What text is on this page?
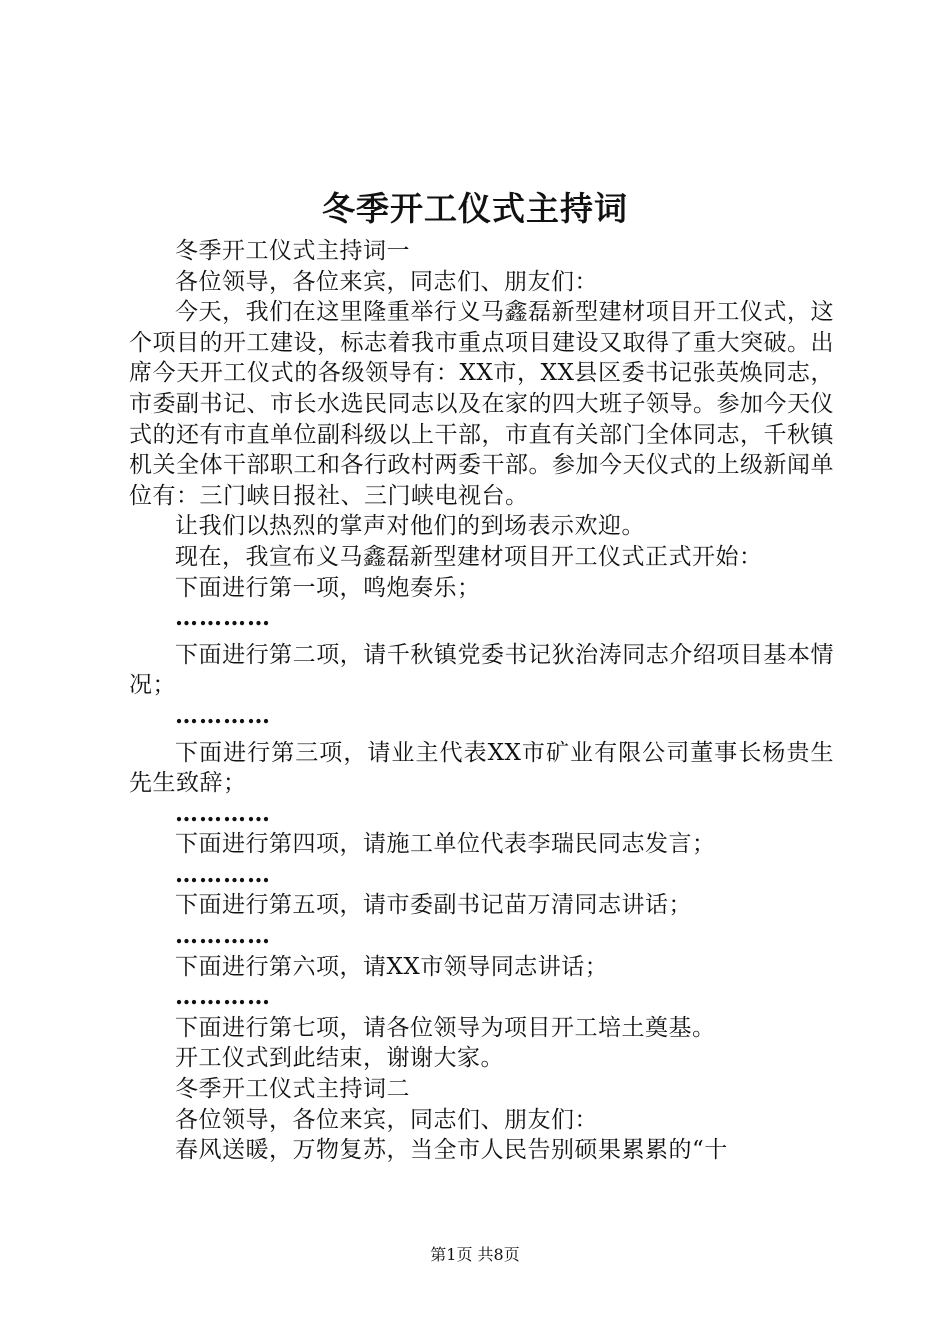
冬季开工仪式主持词

冬季开工仪式主持词一

各位领导，各位来宾，同志们、朋友们：

今天，我们在这里隆重举行义马鑫磊新型建材项目开工仪式，这个项目的开工建设，标志着我市重点项目建设又取得了重大突破。出席今天开工仪式的各级领导有：XX市，XX县区委书记张英焕同志，市委副书记、市长水选民同志以及在家的四大班子领导。参加今天仪式的还有市直单位副科级以上干部，市直有关部门全体同志，千秋镇机关全体干部职工和各行政村两委干部。参加今天仪式的上级新闻单位有：三门峡日报社、三门峡电视台。

让我们以热烈的掌声对他们的到场表示欢迎。

现在，我宣布义马鑫磊新型建材项目开工仪式正式开始：

下面进行第一项，鸣炮奏乐；

…………

下面进行第二项，请千秋镇党委书记狄治涛同志介绍项目基本情况；

…………

下面进行第三项，请业主代表XX市矿业有限公司董事长杨贵生先生致辞；

…………

下面进行第四项，请施工单位代表李瑞民同志发言；

…………

下面进行第五项，请市委副书记苗万清同志讲话；

…………

下面进行第六项，请XX市领导同志讲话；

…………

下面进行第七项，请各位领导为项目开工培土奠基。

开工仪式到此结束，谢谢大家。

冬季开工仪式主持词二

各位领导，各位来宾，同志们、朋友们：

春风送暖，万物复苏，当全市人民告别硕果累累的“十

第1页 共8页
